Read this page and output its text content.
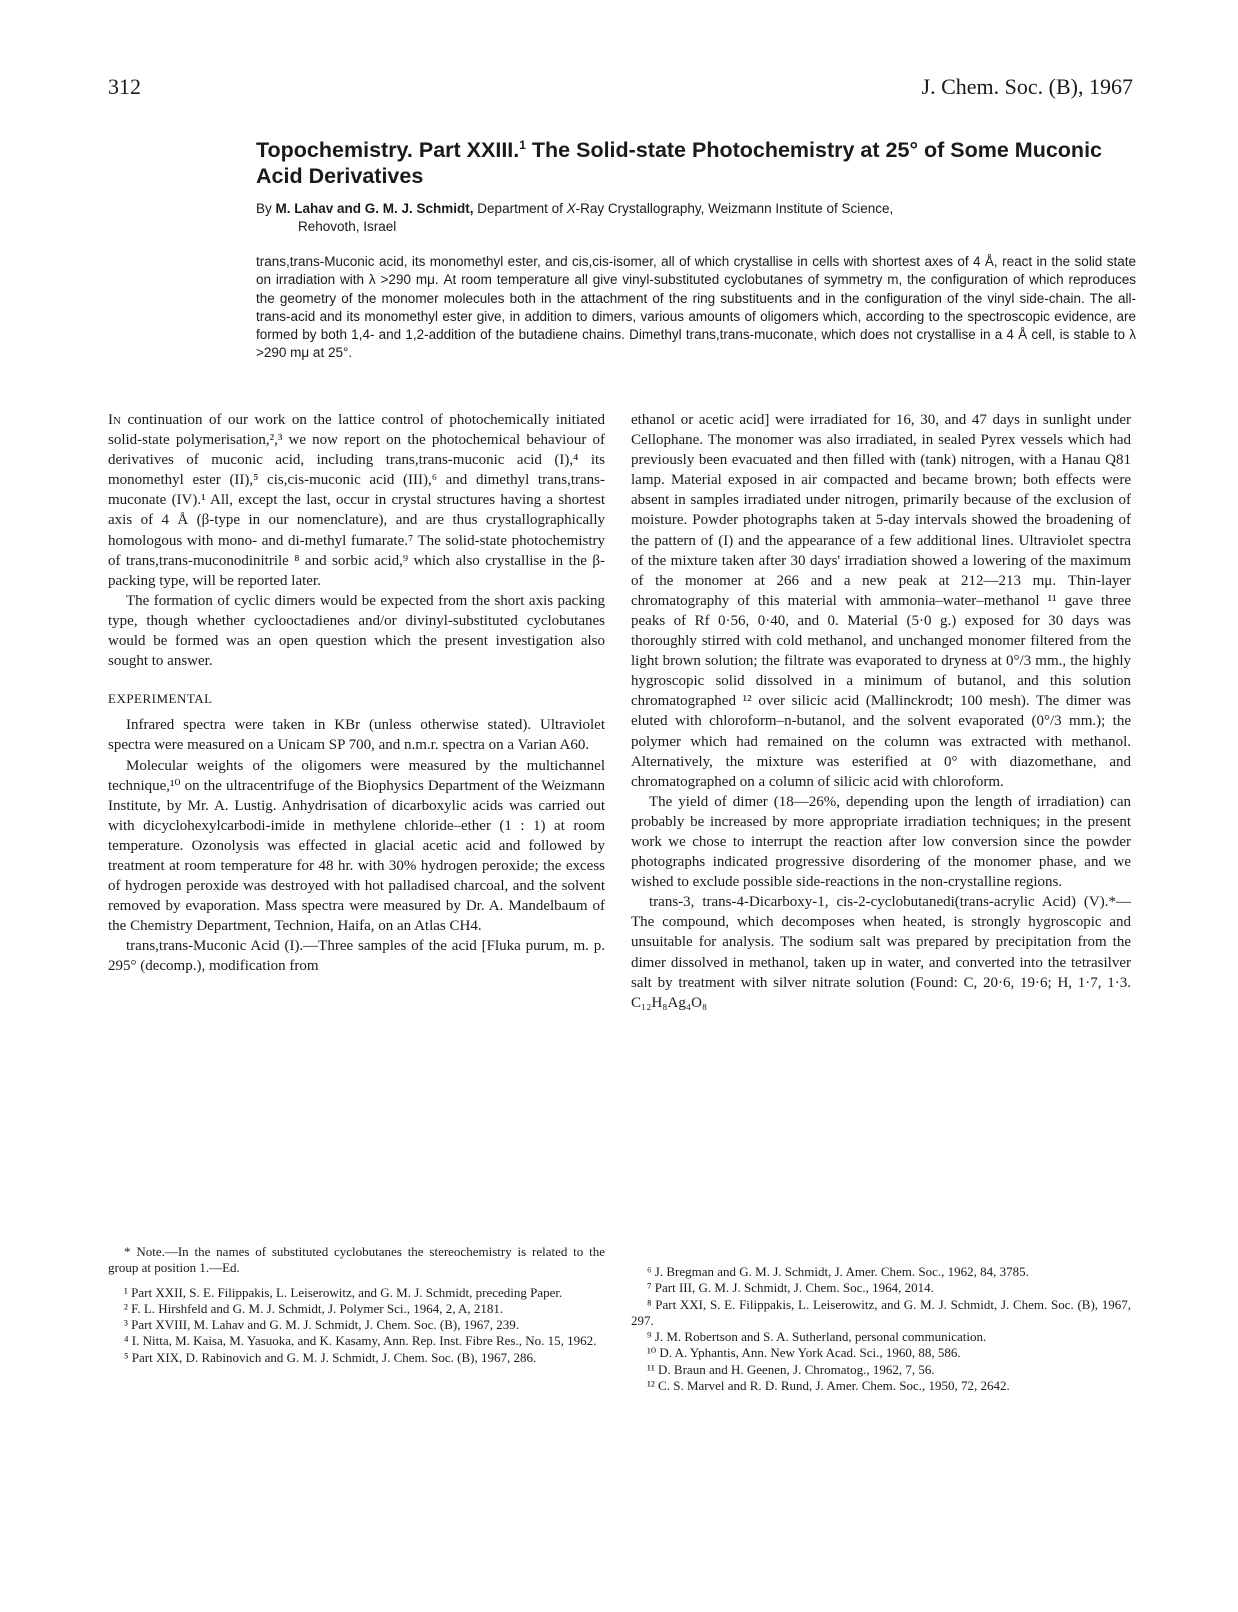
312	J. Chem. Soc. (B), 1967
Topochemistry. Part XXIII.$^1$ The Solid-state Photochemistry at 25° of Some Muconic Acid Derivatives
By M. Lahav and G. M. J. Schmidt, Department of X-Ray Crystallography, Weizmann Institute of Science,
Rehovoth, Israel
trans,trans-Muconic acid, its monomethyl ester, and cis,cis-isomer, all of which crystallise in cells with shortest axes of 4 Å, react in the solid state on irradiation with λ >290 mμ. At room temperature all give vinyl-substituted cyclobutanes of symmetry m, the configuration of which reproduces the geometry of the monomer molecules both in the attachment of the ring substituents and in the configuration of the vinyl side-chain. The all-trans-acid and its monomethyl ester give, in addition to dimers, various amounts of oligomers which, according to the spectroscopic evidence, are formed by both 1,4- and 1,2-addition of the butadiene chains. Dimethyl trans,trans-muconate, which does not crystallise in a 4 Å cell, is stable to λ >290 mμ at 25°.

In continuation of our work on the lattice control of photochemically initiated solid-state polymerisation,²,³ we now report on the photochemical behaviour of derivatives of muconic acid, including trans,trans-muconic acid (I),⁴ its monomethyl ester (II),⁵ cis,cis-muconic acid (III),⁶ and dimethyl trans,trans-muconate (IV).¹ All, except the last, occur in crystal structures having a shortest axis of 4 Å (β-type in our nomenclature), and are thus crystallographically homologous with mono- and di-methyl fumarate.⁷ The solid-state photochemistry of trans,trans-muconodinitrile ⁸ and sorbic acid,⁹ which also crystallise in the β-packing type, will be reported later.

The formation of cyclic dimers would be expected from the short axis packing type, though whether cyclooctadienes and/or divinyl-substituted cyclobutanes would be formed was an open question which the present investigation also sought to answer.

EXPERIMENTAL

Infrared spectra were taken in KBr (unless otherwise stated). Ultraviolet spectra were measured on a Unicam SP 700, and n.m.r. spectra on a Varian A60.

Molecular weights of the oligomers were measured by the multichannel technique,¹⁰ on the ultracentrifuge of the Biophysics Department of the Weizmann Institute, by Mr. A. Lustig. Anhydrisation of dicarboxylic acids was carried out with dicyclohexylcarbodi-imide in methylene chloride–ether (1 : 1) at room temperature. Ozonolysis was effected in glacial acetic acid and followed by treatment at room temperature for 48 hr. with 30% hydrogen peroxide; the excess of hydrogen peroxide was destroyed with hot palladised charcoal, and the solvent removed by evaporation. Mass spectra were measured by Dr. A. Mandelbaum of the Chemistry Department, Technion, Haifa, on an Atlas CH4.

trans,trans-Muconic Acid (I).—Three samples of the acid [Fluka purum, m. p. 295° (decomp.), modification from

ethanol or acetic acid] were irradiated for 16, 30, and 47 days in sunlight under Cellophane. The monomer was also irradiated, in sealed Pyrex vessels which had previously been evacuated and then filled with (tank) nitrogen, with a Hanau Q81 lamp. Material exposed in air compacted and became brown; both effects were absent in samples irradiated under nitrogen, primarily because of the exclusion of moisture. Powder photographs taken at 5-day intervals showed the broadening of the pattern of (I) and the appearance of a few additional lines. Ultraviolet spectra of the mixture taken after 30 days' irradiation showed a lowering of the maximum of the monomer at 266 and a new peak at 212—213 mμ. Thin-layer chromatography of this material with ammonia–water–methanol ¹¹ gave three peaks of Rf 0·56, 0·40, and 0. Material (5·0 g.) exposed for 30 days was thoroughly stirred with cold methanol, and unchanged monomer filtered from the light brown solution; the filtrate was evaporated to dryness at 0°/3 mm., the highly hygroscopic solid dissolved in a minimum of butanol, and this solution chromatographed ¹² over silicic acid (Mallinckrodt; 100 mesh). The dimer was eluted with chloroform–n-butanol, and the solvent evaporated (0°/3 mm.); the polymer which had remained on the column was extracted with methanol. Alternatively, the mixture was esterified at 0° with diazomethane, and chromatographed on a column of silicic acid with chloroform.

The yield of dimer (18—26%, depending upon the length of irradiation) can probably be increased by more appropriate irradiation techniques; in the present work we chose to interrupt the reaction after low conversion since the powder photographs indicated progressive disordering of the monomer phase, and we wished to exclude possible side-reactions in the non-crystalline regions.

trans-3, trans-4-Dicarboxy-1, cis-2-cyclobutanedi(trans-acrylic Acid) (V).*—The compound, which decomposes when heated, is strongly hygroscopic and unsuitable for analysis. The sodium salt was prepared by precipitation from the dimer dissolved in methanol, taken up in water, and converted into the tetrasilver salt by treatment with silver nitrate solution (Found: C, 20·6, 19·6; H, 1·7, 1·3. C₁₂H₈Ag₄O₈

* Note.—In the names of substituted cyclobutanes the stereochemistry is related to the group at position 1.—Ed.

¹ Part XXII, S. E. Filippakis, L. Leiserowitz, and G. M. J. Schmidt, preceding Paper.

² F. L. Hirshfeld and G. M. J. Schmidt, J. Polymer Sci., 1964, 2, A, 2181.

³ Part XVIII, M. Lahav and G. M. J. Schmidt, J. Chem. Soc. (B), 1967, 239.

⁴ I. Nitta, M. Kaisa, M. Yasuoka, and K. Kasamy, Ann. Rep. Inst. Fibre Res., No. 15, 1962.

⁵ Part XIX, D. Rabinovich and G. M. J. Schmidt, J. Chem. Soc. (B), 1967, 286.

⁶ J. Bregman and G. M. J. Schmidt, J. Amer. Chem. Soc., 1962, 84, 3785.

⁷ Part III, G. M. J. Schmidt, J. Chem. Soc., 1964, 2014.

⁸ Part XXI, S. E. Filippakis, L. Leiserowitz, and G. M. J. Schmidt, J. Chem. Soc. (B), 1967, 297.

⁹ J. M. Robertson and S. A. Sutherland, personal communication.

¹⁰ D. A. Yphantis, Ann. New York Acad. Sci., 1960, 88, 586.

¹¹ D. Braun and H. Geenen, J. Chromatog., 1962, 7, 56.

¹² C. S. Marvel and R. D. Rund, J. Amer. Chem. Soc., 1950, 72, 2642.
